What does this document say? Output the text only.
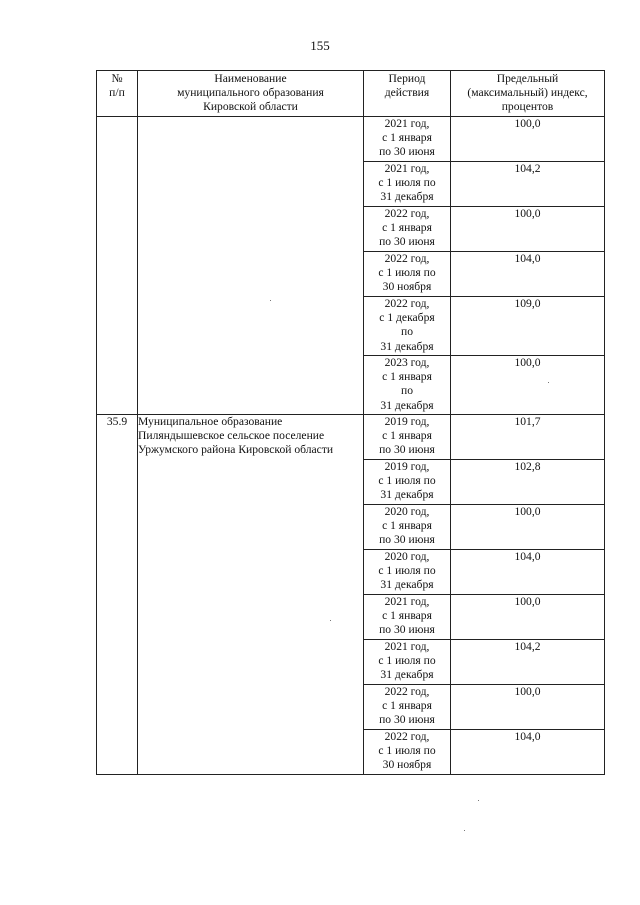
155
№
п/п	Наименование
муниципального образования
Кировской области	Период
действия	Предельный
(максимальный) индекс,
процентов

		2021 год,
с 1 января
по 30 июня	100,0

		2021 год,
с 1 июля по
31 декабря	104,2

		2022 год,
с 1 января
по 30 июня	100,0

		2022 год,
с 1 июля по
30 ноября	104,0

		2022 год,
с 1 декабря
по
31 декабря	109,0

		2023 год,
с 1 января
по
31 декабря	100,0
35.9	Муниципальное образование Пиляндышевское сельское поселение Уржумского района Кировской области	2019 год,
с 1 января
по 30 июня	101,7

		2019 год,
с 1 июля по
31 декабря	102,8

		2020 год,
с 1 января
по 30 июня	100,0

		2020 год,
с 1 июля по
31 декабря	104,0

		2021 год,
с 1 января
по 30 июня	100,0

		2021 год,
с 1 июля по
31 декабря	104,2

		2022 год,
с 1 января
по 30 июня	100,0

		2022 год,
с 1 июля по
30 ноября	104,0
